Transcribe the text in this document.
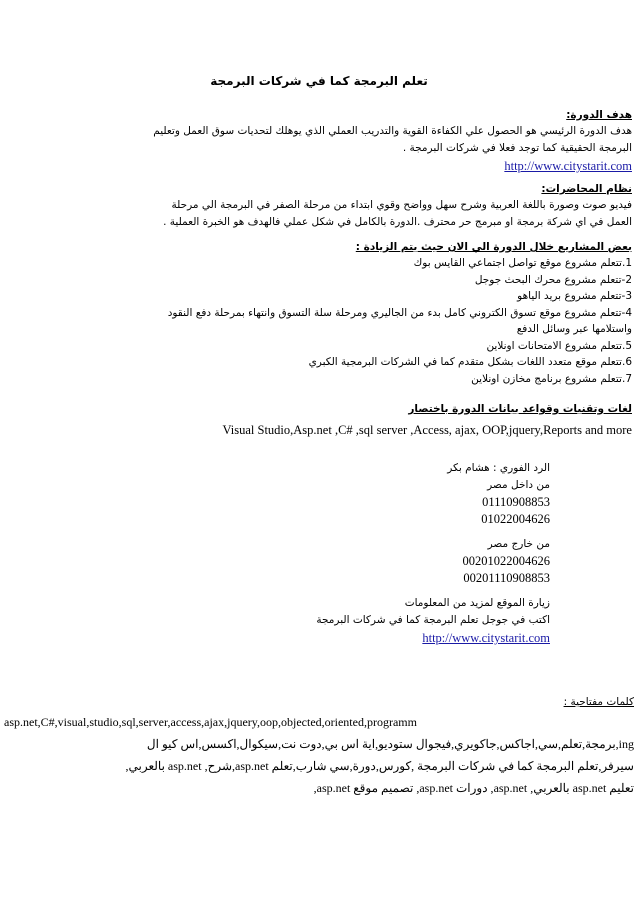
تعلم البرمجة كما في شركات البرمجة
هدف الدورة:
هدف الدورة الرئيسي هو الحصول علي الكفاءة القوية والتدريب العملي الذي يوهلك لتحديات سوق العمل وتعليم
البرمجة الحقيقية كما توجد فعلا في شركات البرمجة .
http://www.citystarit.com
نظام المحاضرات:
فيديو صوت وصورة باللغة العربية وشرح سهل وواضح وقوي ابتداء من مرحلة الصفر في البرمجة الي مرحلة
العمل في اي شركة برمجة او مبرمج حر محترف .الدورة بالكامل في شكل عملي فالهدف هو الخبرة العملية .
بعض المشاريع خلال الدورة الي الان حيث يتم الزيادة :
1.تتعلم مشروع موقع تواصل اجتماعي القايس بوك
2-تتعلم مشروع محرك البحث جوجل
3-تتعلم مشروع بريد الياهو
4-تتعلم مشروع موقع تسوق الكتروني كامل بدء من الجاليري ومرحلة سلة التسوق وانتهاء بمرحلة دفع النقود
واستلامها عبر وسائل الدفع
5.تتعلم مشروع الامتحانات اونلاين
6.تتعلم موقع متعدد اللغات بشكل متقدم كما في الشركات البرمجية الكبري
7.تتعلم مشروع برنامج مخازن اونلاين
لغات وتقنيات وقواعد بيانات الدورة باختصار
Visual Studio,Asp.net ,C# ,sql server ,Access, ajax, OOP,jquery,Reports and more
الرد الفوري : هشام بكر
من داخل مصر
01110908853
01022004626
من خارج مصر
00201022004626
00201110908853
زيارة الموقع لمزيد من المعلومات
اكتب في جوجل تعلم البرمجة كما في شركات البرمجة
http://www.citystarit.com
كلمات مفتاحية :
asp.net,C#,visual,studio,sql,server,access,ajax,jquery,oop,objected,oriented,programm
ing,برمجة,تعلم,سي,اجاكس,جاكويري,فيجوال ستوديو,اية اس بي,دوت نت,سيكوال,اكسس,اس كيو ال
سيرفر,تعلم البرمجة كما في شركات البرمجة ,كورس,دورة,سي شارب,تعلم asp.net,شرح, asp.net بالعربي,
تعليم asp.net بالعربي, asp.net, دورات asp.net, تصميم موقع asp.net,
